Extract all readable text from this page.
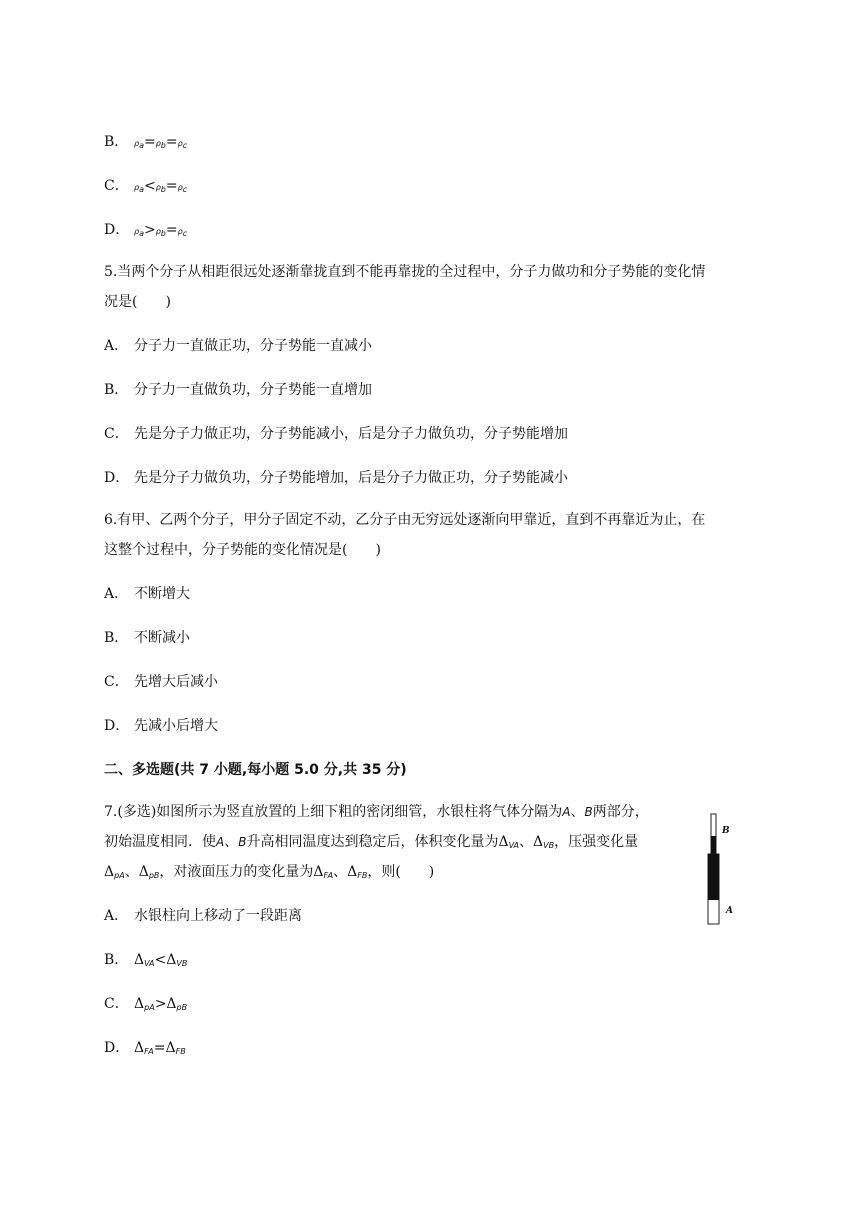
B． $\rho_a=\rho_b=\rho_c$
C． $\rho_a<\rho_b=\rho_c$
D． $\rho_a>\rho_b=\rho_c$
5.当两个分子从相距很远处逐渐靠拢直到不能再靠拢的全过程中，分子力做功和分子势能的变化情
况是(　　)
A． 分子力一直做正功，分子势能一直减小
B． 分子力一直做负功，分子势能一直增加
C． 先是分子力做正功，分子势能减小，后是分子力做负功，分子势能增加
D． 先是分子力做负功，分子势能增加，后是分子力做正功，分子势能减小
6.有甲、乙两个分子，甲分子固定不动，乙分子由无穷远处逐渐向甲靠近，直到不再靠近为止，在
这整个过程中，分子势能的变化情况是(　　)
A． 不断增大
B． 不断减小
C． 先增大后减小
D． 先减小后增大
二、多选题(共 7 小题,每小题 5.0 分,共 35 分)
7.(多选)如图所示为竖直放置的上细下粗的密闭细管，水银柱将气体分隔为A、B两部分，
初始温度相同．使A、B升高相同温度达到稳定后，体积变化量为$\Delta_{VA}$、$\Delta_{VB}$，压强变化量
$\Delta_{pA}$、$\Delta_{pB}$，对液面压力的变化量为$\Delta_{FA}$、$\Delta_{FB}$，则(　　)
B
A
A． 水银柱向上移动了一段距离
B． $\Delta_{VA}<\Delta_{VB}$
C． $\Delta_{pA}>\Delta_{pB}$
D． $\Delta_{FA}=\Delta_{FB}$
